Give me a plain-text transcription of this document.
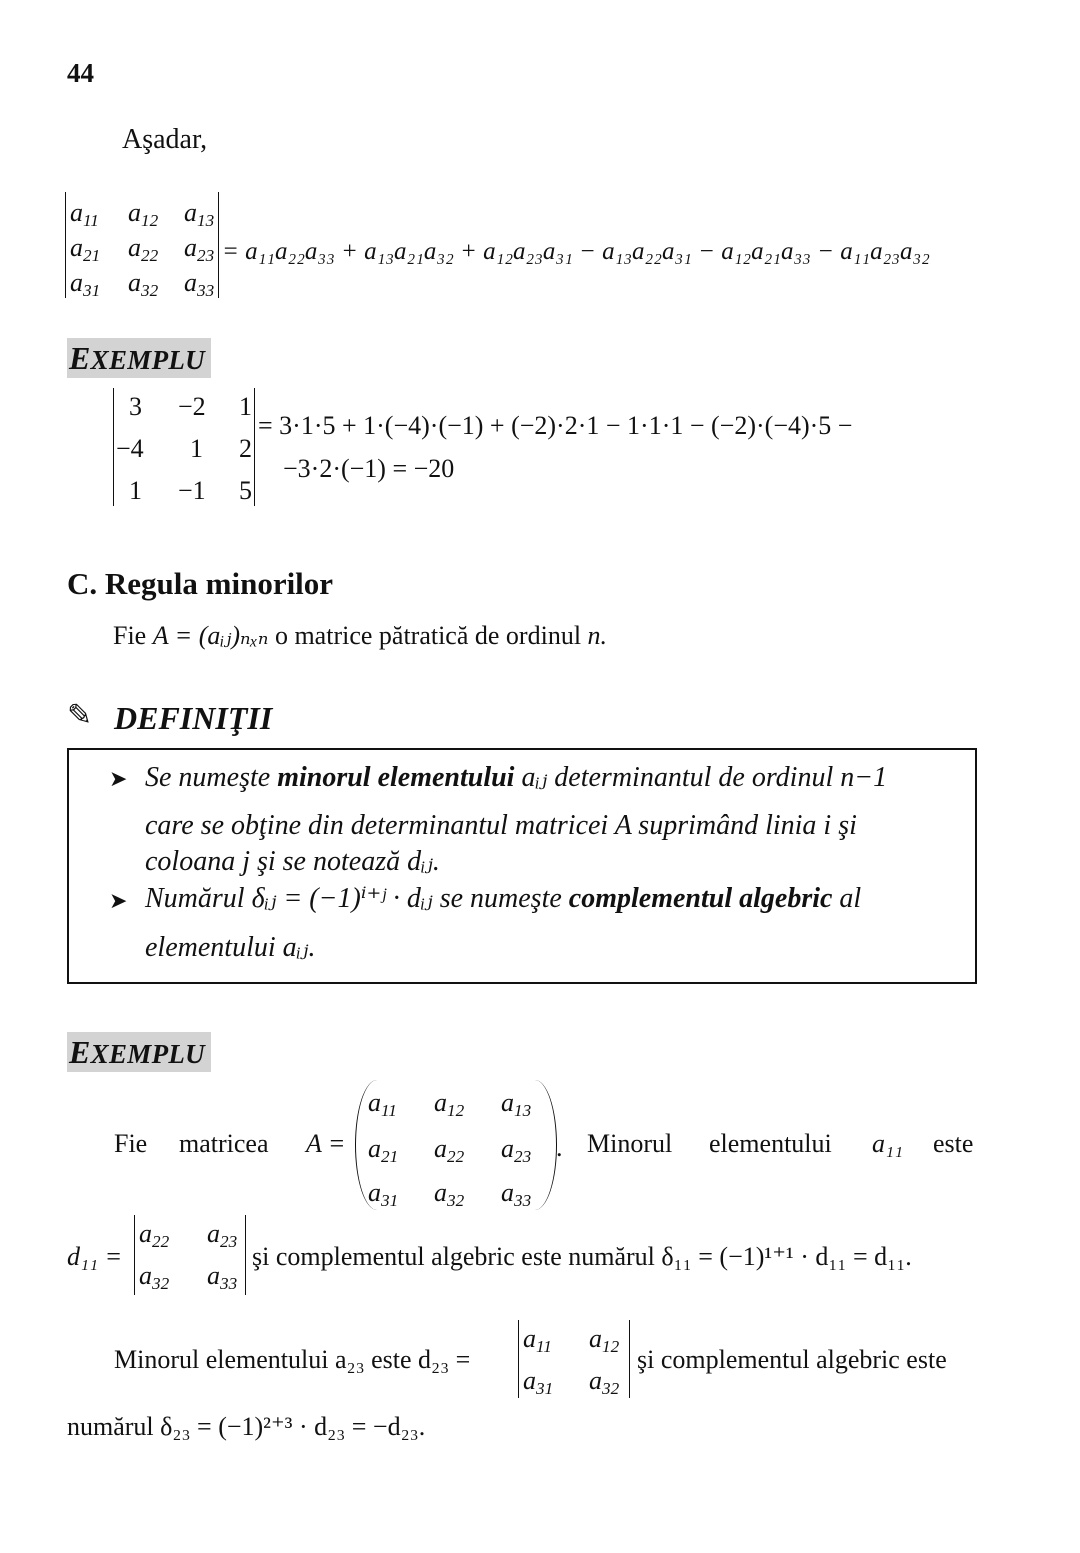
44
Aşadar,
$a_{11}$ $a_{12}$ $a_{13}$
$a_{21}$ $a_{22}$ $a_{23}$
$a_{31}$ $a_{32}$ $a_{33}$
= a₁₁a₂₂a₃₃ + a₁₃a₂₁a₃₂ + a₁₂a₂₃a₃₁ − a₁₃a₂₂a₃₁ − a₁₂a₂₁a₃₃ − a₁₁a₂₃a₃₂
EXEMPLU
3 −2 1
−4 1 2
1 −1 5
= 3·1·5 + 1·(−4)·(−1) + (−2)·2·1 − 1·1·1 − (−2)·(−4)·5 −
−3·2·(−1) = −20
C. Regula minorilor
Fie A = (aᵢⱼ)ₙₓₙ o matrice pătratică de ordinul n.
✎ DEFINIŢII
➤ Se numeşte minorul elementului aᵢⱼ determinantul de ordinul n−1
care se obţine din determinantul matricei A suprimând linia i şi
coloana j şi se notează dᵢⱼ.
➤ Numărul δᵢⱼ = (−1)ⁱ⁺ʲ · dᵢⱼ se numeşte complementul algebric al
elementului aᵢⱼ.
EXEMPLU
Fie matricea A =
$a_{11}$ $a_{12}$ $a_{13}$
$a_{21}$ $a_{22}$ $a_{23}$
$a_{31}$ $a_{32}$ $a_{33}$
. Minorul elementului a₁₁ este
d₁₁ =
$a_{22}$ $a_{23}$
$a_{32}$ $a_{33}$
şi complementul algebric este numărul δ₁₁ = (−1)¹⁺¹ · d₁₁ = d₁₁.
Minorul elementului a₂₃ este d₂₃ =
$a_{11}$ $a_{12}$
$a_{31}$ $a_{32}$
şi complementul algebric este
numărul δ₂₃ = (−1)²⁺³ · d₂₃ = −d₂₃.
